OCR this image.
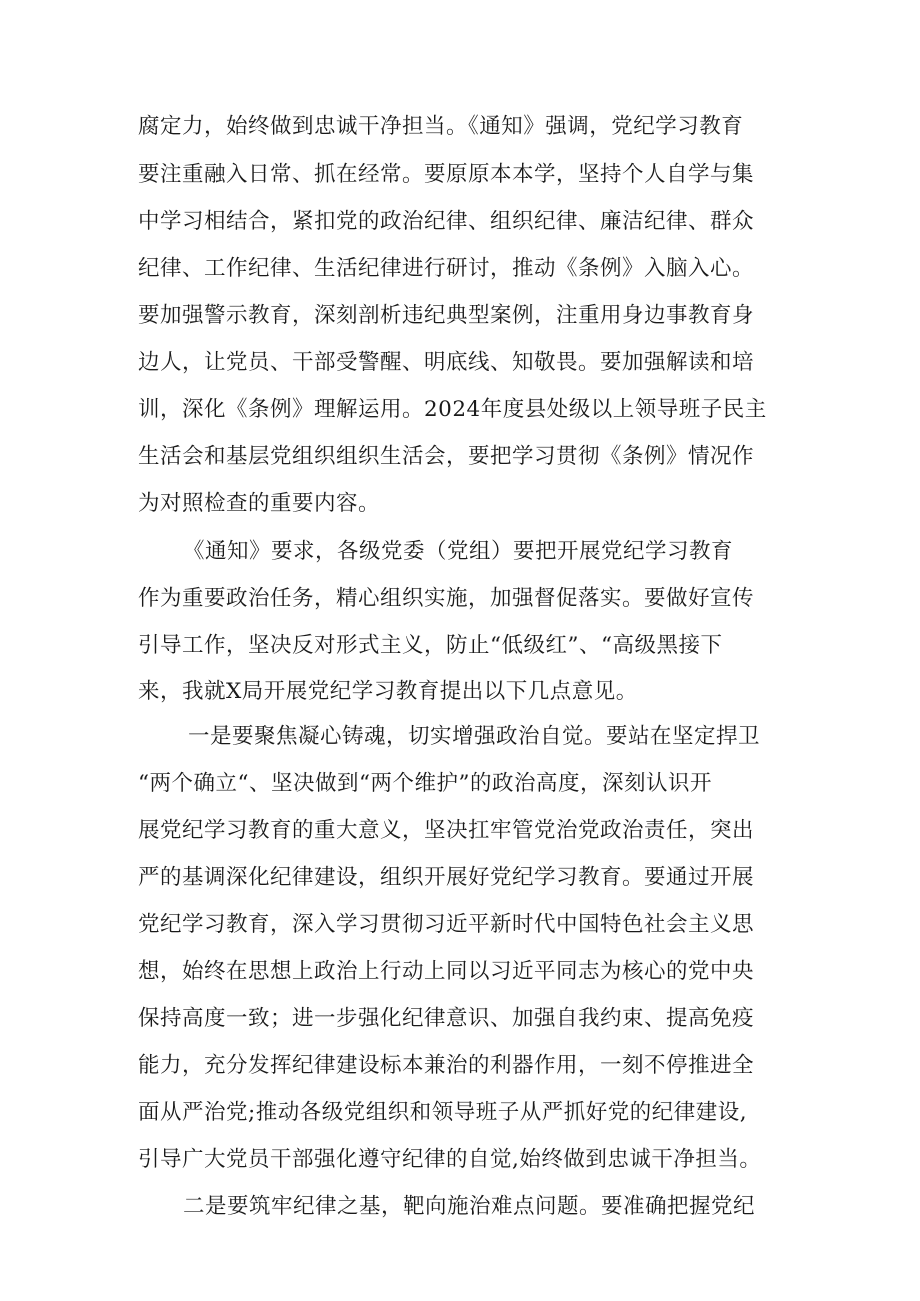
腐定力，始终做到忠诚干净担当。《通知》强调，党纪学习教育
要注重融入日常、抓在经常。要原原本本学，坚持个人自学与集
中学习相结合，紧扣党的政治纪律、组织纪律、廉洁纪律、群众
纪律、工作纪律、生活纪律进行研讨，推动《条例》入脑入心。
要加强警示教育，深刻剖析违纪典型案例，注重用身边事教育身
边人，让党员、干部受警醒、明底线、知敬畏。要加强解读和培
训，深化《条例》理解运用。2024年度县处级以上领导班子民主
生活会和基层党组织组织生活会，要把学习贯彻《条例》情况作
为对照检查的重要内容。
《通知》要求，各级党委（党组）要把开展党纪学习教育
作为重要政治任务，精心组织实施，加强督促落实。要做好宣传
引导工作，坚决反对形式主义，防止“低级红”、“高级黑接下
来，我就X局开展党纪学习教育提出以下几点意见。
一是要聚焦凝心铸魂，切实增强政治自觉。要站在坚定捍卫
“两个确立“、坚决做到“两个维护”的政治高度，深刻认识开
展党纪学习教育的重大意义，坚决扛牢管党治党政治责任，突出
严的基调深化纪律建设，组织开展好党纪学习教育。要通过开展
党纪学习教育，深入学习贯彻习近平新时代中国特色社会主义思
想，始终在思想上政治上行动上同以习近平同志为核心的党中央
保持高度一致；进一步强化纪律意识、加强自我约束、提高免疫
能力，充分发挥纪律建设标本兼治的利器作用，一刻不停推进全
面从严治党;推动各级党组织和领导班子从严抓好党的纪律建设,
引导广大党员干部强化遵守纪律的自觉,始终做到忠诚干净担当。
二是要筑牢纪律之基，靶向施治难点问题。要准确把握党纪
